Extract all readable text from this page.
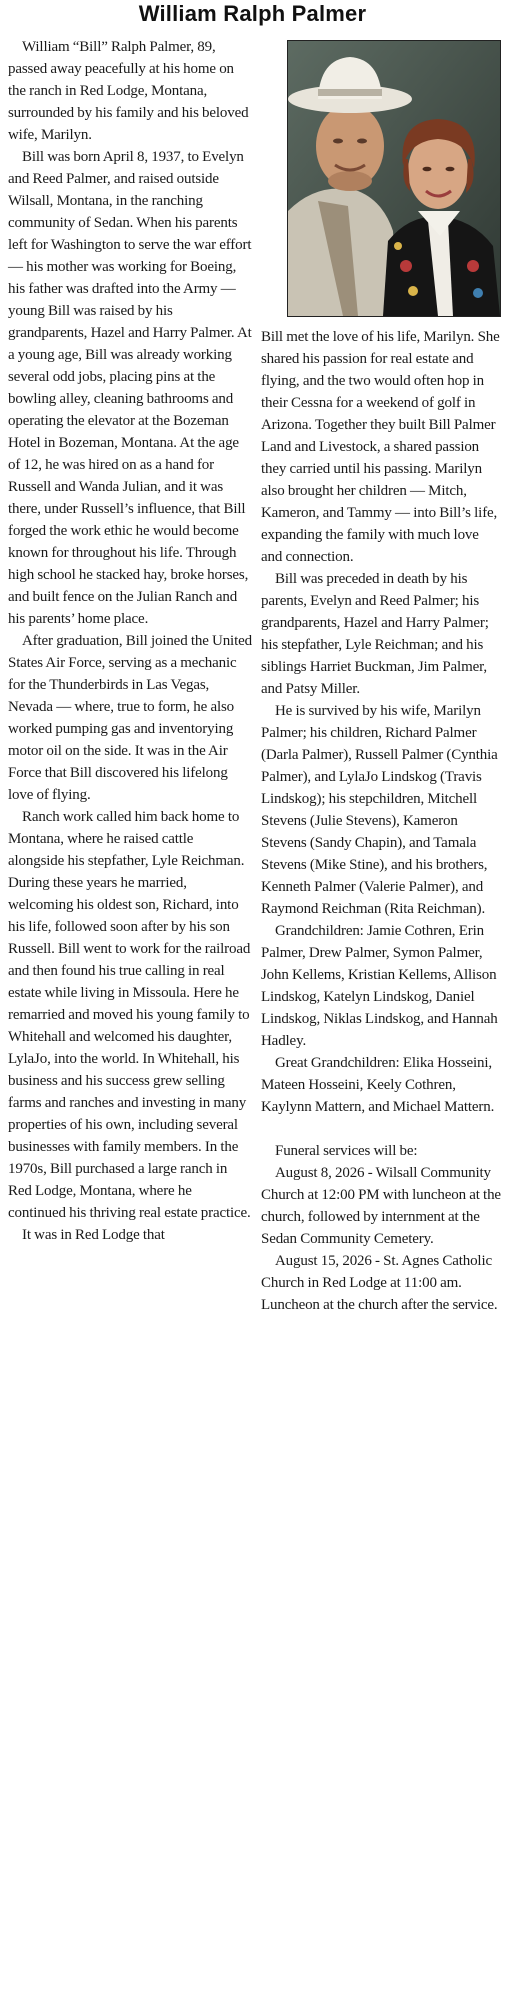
William Ralph Palmer

William “Bill” Ralph Palmer, 89, passed away peacefully at his home on the ranch in Red Lodge, Montana, surrounded by his family and his beloved wife, Marilyn.

Bill was born April 8, 1937, to Evelyn and Reed Palmer, and raised outside Wilsall, Montana, in the ranching community of Sedan. When his parents left for Washington to serve the war effort — his mother was working for Boeing, his father was drafted into the Army — young Bill was raised by his grandparents, Hazel and Harry Palmer. At a young age, Bill was already working several odd jobs, placing pins at the bowling alley, cleaning bathrooms and operating the elevator at the Bozeman Hotel in Bozeman, Montana. At the age of 12, he was hired on as a hand for Russell and Wanda Julian, and it was there, under Russell’s influence, that Bill forged the work ethic he would become known for throughout his life. Through high school he stacked hay, broke horses, and built fence on the Julian Ranch and his parents’ home place.

After graduation, Bill joined the United States Air Force, serving as a mechanic for the Thunderbirds in Las Vegas, Nevada — where, true to form, he also worked pumping gas and inventorying motor oil on the side. It was in the Air Force that Bill discovered his lifelong love of flying.

Ranch work called him back home to Montana, where he raised cattle alongside his stepfather, Lyle Reichman. During these years he married, welcoming his oldest son, Richard, into his life, followed soon after by his son Russell. Bill went to work for the railroad and then found his true calling in real estate while living in Missoula. Here he remarried and moved his young family to Whitehall and welcomed his daughter, LylaJo, into the world. In Whitehall, his business and his success grew selling farms and ranches and investing in many properties of his own, including several businesses with family members. In the 1970s, Bill purchased a large ranch in Red Lodge, Montana, where he continued his thriving real estate practice.

It was in Red Lodge that

Bill met the love of his life, Marilyn. She shared his passion for real estate and flying, and the two would often hop in their Cessna for a weekend of golf in Arizona. Together they built Bill Palmer Land and Livestock, a shared passion they carried until his passing. Marilyn also brought her children — Mitch, Kameron, and Tammy — into Bill’s life, expanding the family with much love and connection.

Bill was preceded in death by his parents, Evelyn and Reed Palmer; his grandparents, Hazel and Harry Palmer; his stepfather, Lyle Reichman; and his siblings Harriet Buckman, Jim Palmer, and Patsy Miller.

He is survived by his wife, Marilyn Palmer; his children, Richard Palmer (Darla Palmer), Russell Palmer (Cynthia Palmer), and LylaJo Lindskog (Travis Lindskog); his stepchildren, Mitchell Stevens (Julie Stevens), Kameron Stevens (Sandy Chapin), and Tamala Stevens (Mike Stine), and his brothers, Kenneth Palmer (Valerie Palmer), and Raymond Reichman (Rita Reichman).

Grandchildren: Jamie Cothren, Erin Palmer, Drew Palmer, Symon Palmer, John Kellems, Kristian Kellems, Allison Lindskog, Katelyn Lindskog, Daniel Lindskog, Niklas Lindskog, and Hannah Hadley.

Great Grandchildren: Elika Hosseini, Mateen Hosseini, Keely Cothren, Kaylynn Mattern, and Michael Mattern.

Funeral services will be:

August 8, 2026 - Wilsall Community Church at 12:00 PM with luncheon at the church, followed by internment at the Sedan Community Cemetery.

August 15, 2026 - St. Agnes Catholic Church in Red Lodge at 11:00 am. Luncheon at the church after the service.
